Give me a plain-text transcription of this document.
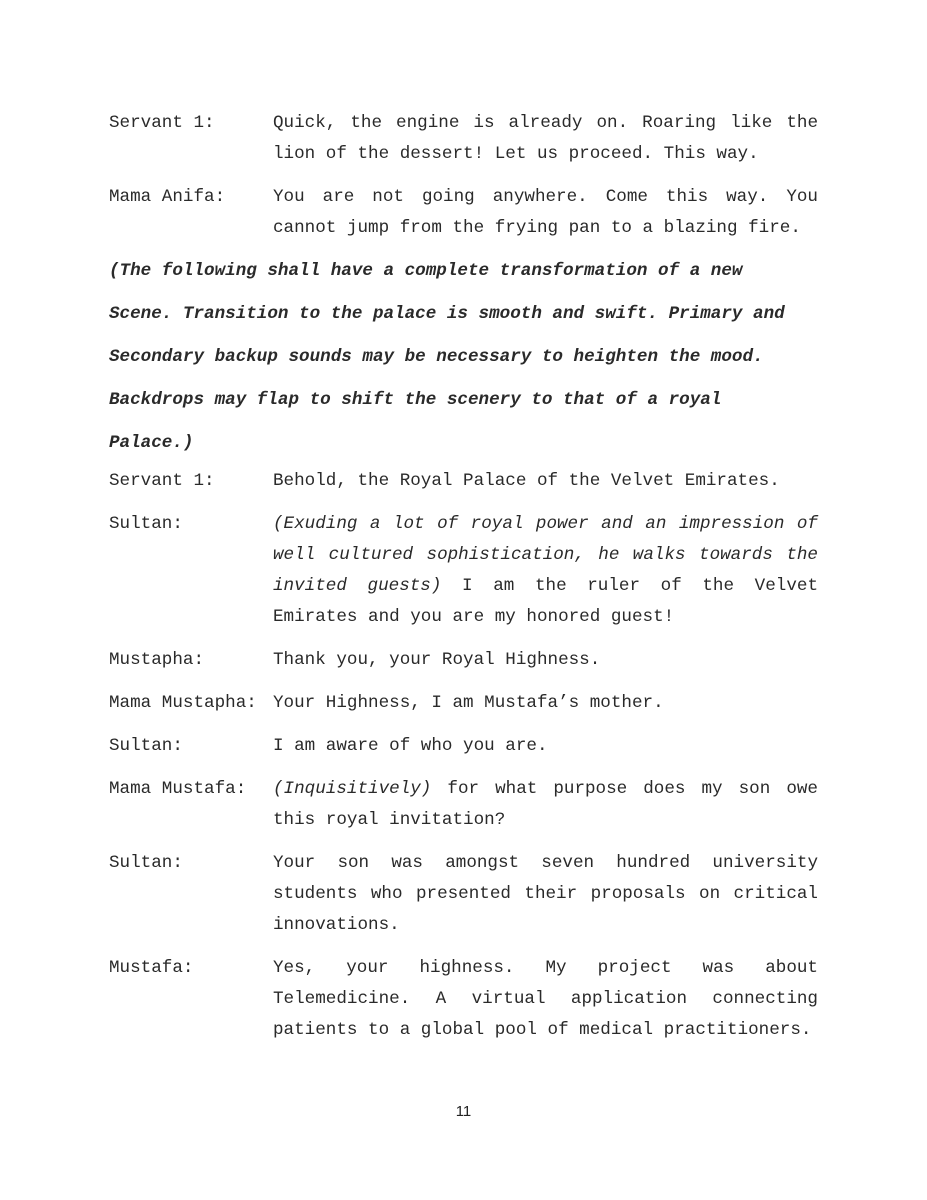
Servant 1:	Quick, the engine is already on. Roaring like the lion of the dessert! Let us proceed. This way.
Mama Anifa:	You are not going anywhere. Come this way. You cannot jump from the frying pan to a blazing fire.
(The following shall have a complete transformation of a new
Scene. Transition to the palace is smooth and swift. Primary and
Secondary backup sounds may be necessary to heighten the mood.
Backdrops may flap to shift the scenery to that of a royal
Palace.)
Servant 1:	Behold, the Royal Palace of the Velvet Emirates.
Sultan:	(Exuding a lot of royal power and an impression of well cultured sophistication, he walks towards the invited guests) I am the ruler of the Velvet Emirates and you are my honored guest!
Mustapha:	Thank you, your Royal Highness.
Mama Mustapha: Your Highness, I am Mustafa’s mother.
Sultan:	I am aware of who you are.
Mama Mustafa:	(Inquisitively) for what purpose does my son owe this royal invitation?
Sultan:	Your son was amongst seven hundred university students who presented their proposals on critical innovations.
Mustafa:	Yes, your highness. My project was about Telemedicine. A virtual application connecting patients to a global pool of medical practitioners.
11
